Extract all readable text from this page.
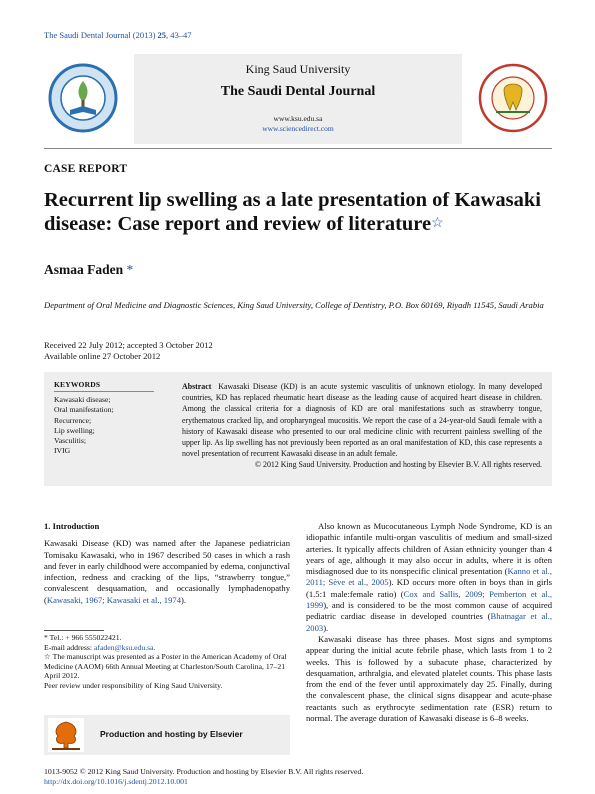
The Saudi Dental Journal (2013) 25, 43–47
King Saud University
The Saudi Dental Journal
www.ksu.edu.sa
www.sciencedirect.com
CASE REPORT
Recurrent lip swelling as a late presentation of Kawasaki disease: Case report and review of literature☆
Asmaa Faden *
Department of Oral Medicine and Diagnostic Sciences, King Saud University, College of Dentistry, P.O. Box 60169, Riyadh 11545, Saudi Arabia
Received 22 July 2012; accepted 3 October 2012
Available online 27 October 2012
KEYWORDS
Kawasaki disease;
Oral manifestation;
Recurrence;
Lip swelling;
Vasculitis;
IVIG
Abstract Kawasaki Disease (KD) is an acute systemic vasculitis of unknown etiology. In many developed countries, KD has replaced rheumatic heart disease as the leading cause of acquired heart disease in children. Among the classical criteria for a diagnosis of KD are oral manifestations such as strawberry tongue, erythematous cracked lip, and oropharyngeal mucositis. We report the case of a 24-year-old Saudi female with a history of Kawasaki disease who presented to our oral medicine clinic with recurrent painless swelling of the upper lip. As lip swelling has not previously been reported as an oral manifestation of KD, this case represents a novel presentation of recurrent Kawasaki disease in an adult female.
© 2012 King Saud University. Production and hosting by Elsevier B.V. All rights reserved.
1. Introduction

Kawasaki Disease (KD) was named after the Japanese pediatrician Tomisaku Kawasaki, who in 1967 described 50 cases in which a rash and fever in early childhood were accompanied by edema, conjunctival infection, redness and cracking of the lips, “strawberry tongue,” convalescent desquamation, and occasionally lymphadenopathy (Kawasaki, 1967; Kawasaki et al., 1974).

* Tel.: + 966 555022421.

E-mail address: afaden@ksu.edu.sa.

☆ The manuscript was presented as a Poster in the American Academy of Oral Medicine (AAOM) 66th Annual Meeting at Charleston/South Carolina, 17–21 April 2012.

Peer review under responsibility of King Saud University.

Production and hosting by Elsevier

Also known as Mucocutaneous Lymph Node Syndrome, KD is an idiopathic infantile multi-organ vasculitis of medium and small-sized arteries. It typically affects children of Asian ethnicity younger than 4 years of age, although it may also occur in adults, where it is often misdiagnosed due to its nonspecific clinical presentation (Kanno et al., 2011; Sève et al., 2005). KD occurs more often in boys than in girls (1.5:1 male:female ratio) (Cox and Sallis, 2009; Pemberton et al., 1999), and is considered to be the most common cause of acquired pediatric cardiac disease in developed countries (Bhatnagar et al., 2003).

Kawasaki disease has three phases. Most signs and symptoms appear during the initial acute febrile phase, which lasts from 1 to 2 weeks. This is followed by a subacute phase, characterized by desquamation, arthralgia, and elevated platelet counts. This phase lasts from the end of the fever until approximately day 25. Finally, during the convalescent phase, the clinical signs disappear and acute-phase reactants such as erythrocyte sedimentation rate (ESR) return to normal. The average duration of Kawasaki disease is 6–8 weeks.

1013-9052 © 2012 King Saud University. Production and hosting by Elsevier B.V. All rights reserved.
http://dx.doi.org/10.1016/j.sdentj.2012.10.001
